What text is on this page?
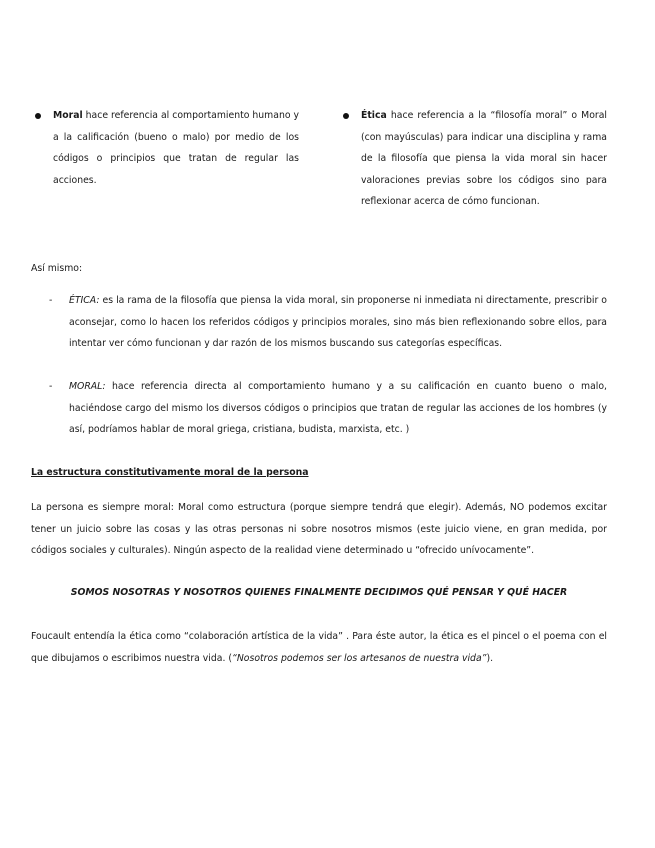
Moral hace referencia al comportamiento humano y a la calificación (bueno o malo) por medio de los códigos o principios que tratan de regular las acciones.
Ética hace referencia a la “filosofía moral” o Moral (con mayúsculas) para indicar una disciplina y rama de la filosofía que piensa la vida moral sin hacer valoraciones previas sobre los códigos sino para reflexionar acerca de cómo funcionan.
Así mismo:
- ÉTICA: es la rama de la filosofía que piensa la vida moral, sin proponerse ni inmediata ni directamente, prescribir o aconsejar, como lo hacen los referidos códigos y principios morales, sino más bien reflexionando sobre ellos, para intentar ver cómo funcionan y dar razón de los mismos buscando sus categorías específicas.
- MORAL: hace referencia directa al comportamiento humano y a su calificación en cuanto bueno o malo, haciéndose cargo del mismo los diversos códigos o principios que tratan de regular las acciones de los hombres (y así, podríamos hablar de moral griega, cristiana, budista, marxista, etc. )
La estructura constitutivamente moral de la persona
La persona es siempre moral: Moral como estructura (porque siempre tendrá que elegir). Además, NO podemos excitar tener un juicio sobre las cosas y las otras personas ni sobre nosotros mismos (este juicio viene, en gran medida, por códigos sociales y culturales). Ningún aspecto de la realidad viene determinado u “ofrecido unívocamente”.
SOMOS NOSOTRAS Y NOSOTROS QUIENES FINALMENTE DECIDIMOS QUÉ PENSAR Y QUÉ HACER
Foucault entendía la ética como “colaboración artística de la vida” . Para éste autor, la ética es el pincel o el poema con el que dibujamos o escribimos nuestra vida. (“Nosotros podemos ser los artesanos de nuestra vida”).
